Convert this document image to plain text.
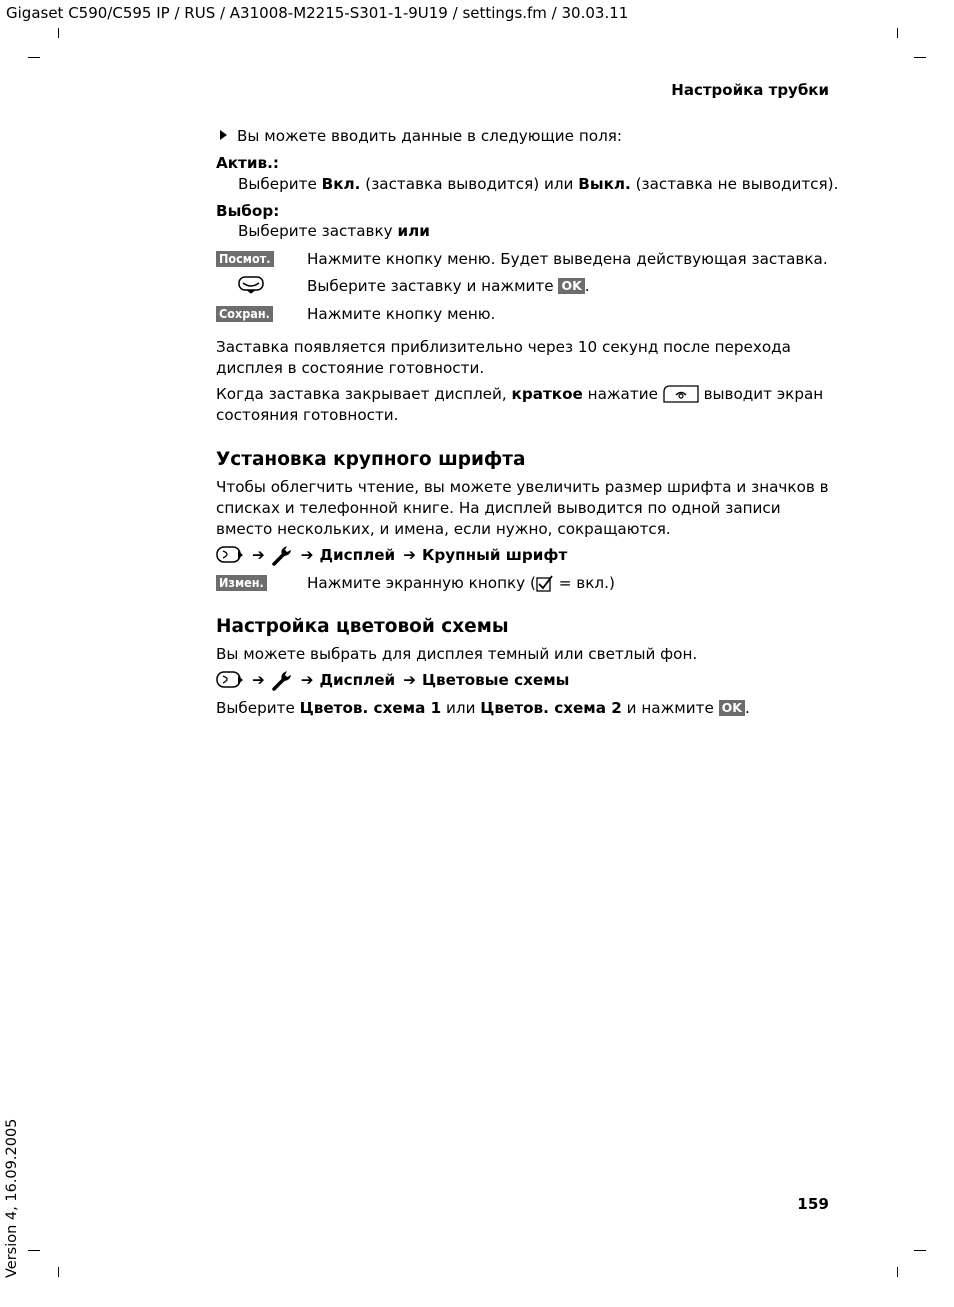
Gigaset C590/C595 IP / RUS / A31008-M2215-S301-1-9U19 / settings.fm / 30.03.11
Настройка трубки
Вы можете вводить данные в следующие поля:
Актив.:
Выберите Вкл. (заставка выводится) или Выкл. (заставка не выводится).
Выбор:
Выберите заставку или
Посмот. Нажмите кнопку меню. Будет выведена действующая заставка.
Выберите заставку и нажмите OK .
Сохран. Нажмите кнопку меню.
Заставка появляется приблизительно через 10 секунд после перехода дисплея в состояние готовности.
Когда заставка закрывает дисплей, краткое нажатие  выводит экран состояния готовности.
Установка крупного шрифта
Чтобы облегчить чтение, вы можете увеличить размер шрифта и значков в списках и телефонной книге. На дисплей выводится по одной записи вместо нескольких, и имена, если нужно, сокращаются.
➔ ➔ Дисплей ➔ Крупный шрифт
Измен.	Нажмите экранную кнопку ( = вкл.)
Настройка цветовой схемы
Вы можете выбрать для дисплея темный или светлый фон.
➔ ➔ Дисплей ➔ Цветовые схемы
Выберите Цветов. схема 1 или Цветов. схема 2 и нажмите OK .
159
Version 4, 16.09.2005
